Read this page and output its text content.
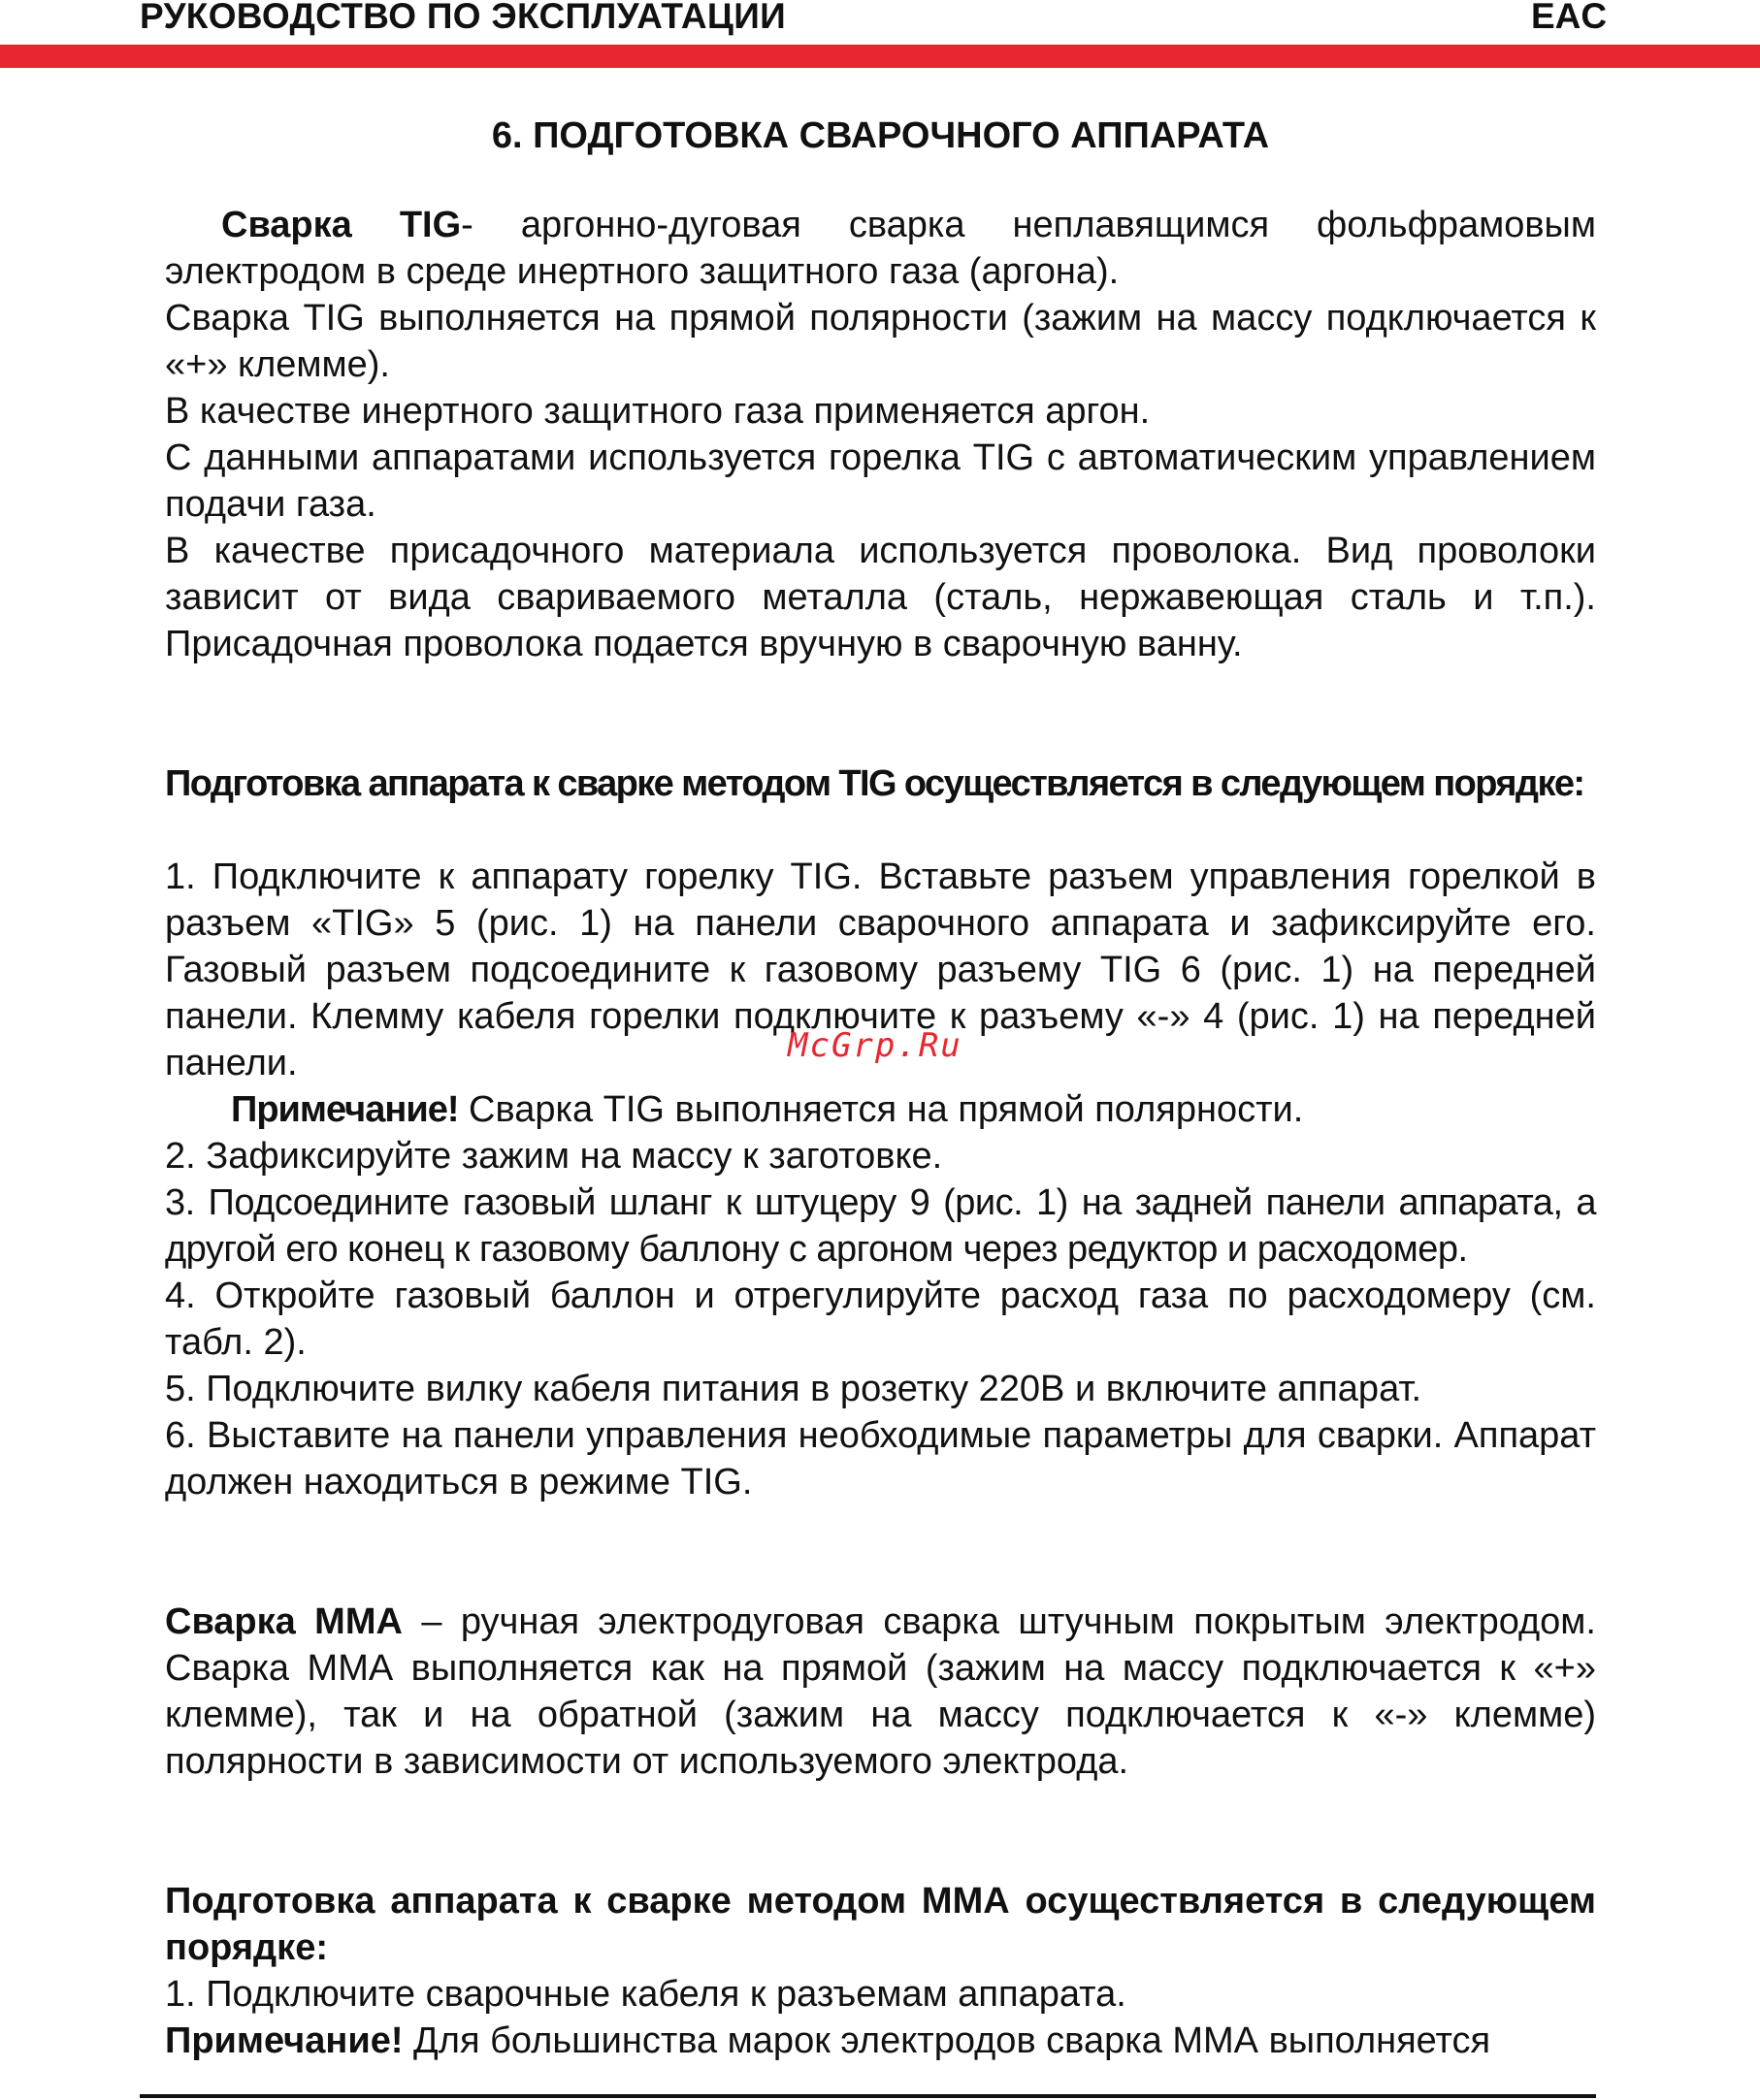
РУКОВОДСТВО ПО ЭКСПЛУАТАЦИИ	EAC

6. ПОДГОТОВКА СВАРОЧНОГО АППАРАТА

Сварка TIG- аргонно-дуговая сварка неплавящимся фольфрамовым электродом в среде инертного защитного газа (аргона).

Сварка TIG выполняется на прямой полярности (зажим на массу подключается к «+» клемме).

В качестве инертного защитного газа применяется аргон.

С данными аппаратами используется горелка TIG с автоматическим управлением подачи газа.

В качестве присадочного материала используется проволока. Вид проволоки зависит от вида свариваемого металла (сталь, нержавеющая сталь и т.п.). Присадочная проволока подается вручную в сварочную ванну.

Подготовка аппарата к сварке методом TIG осуществляется в следующем порядке:

1. Подключите к аппарату горелку TIG. Вставьте разъем управления горелкой в разъем «TIG» 5 (рис. 1) на панели сварочного аппарата и зафиксируйте его. Газовый разъем подсоедините к газовому разъему TIG 6 (рис. 1) на передней панели. Клемму кабеля горелки подключите к разъему «-» 4 (рис. 1) на передней панели.

Примечание! Сварка TIG выполняется на прямой полярности.

2. Зафиксируйте зажим на массу к заготовке.

3. Подсоедините газовый шланг к штуцеру 9 (рис. 1) на задней панели аппарата, а другой его конец к газовому баллону с аргоном через редуктор и расходомер.

4. Откройте газовый баллон и отрегулируйте расход газа по расходомеру (см. табл. 2).

5. Подключите вилку кабеля питания в розетку 220В и включите аппарат.

6. Выставите на панели управления необходимые параметры для сварки. Аппарат должен находиться в режиме TIG.

Сварка ММА – ручная электродуговая сварка штучным покрытым электродом. Сварка ММА выполняется как на прямой (зажим на массу подключается к «+» клемме), так и на обратной (зажим на массу подключается к «-» клемме) полярности в зависимости от используемого электрода.

Подготовка аппарата к сварке методом ММА осуществляется в следующем порядке:

1. Подключите сварочные кабеля к разъемам аппарата.

Примечание! Для большинства марок электродов сварка ММА выполняется

McGrp.Ru
